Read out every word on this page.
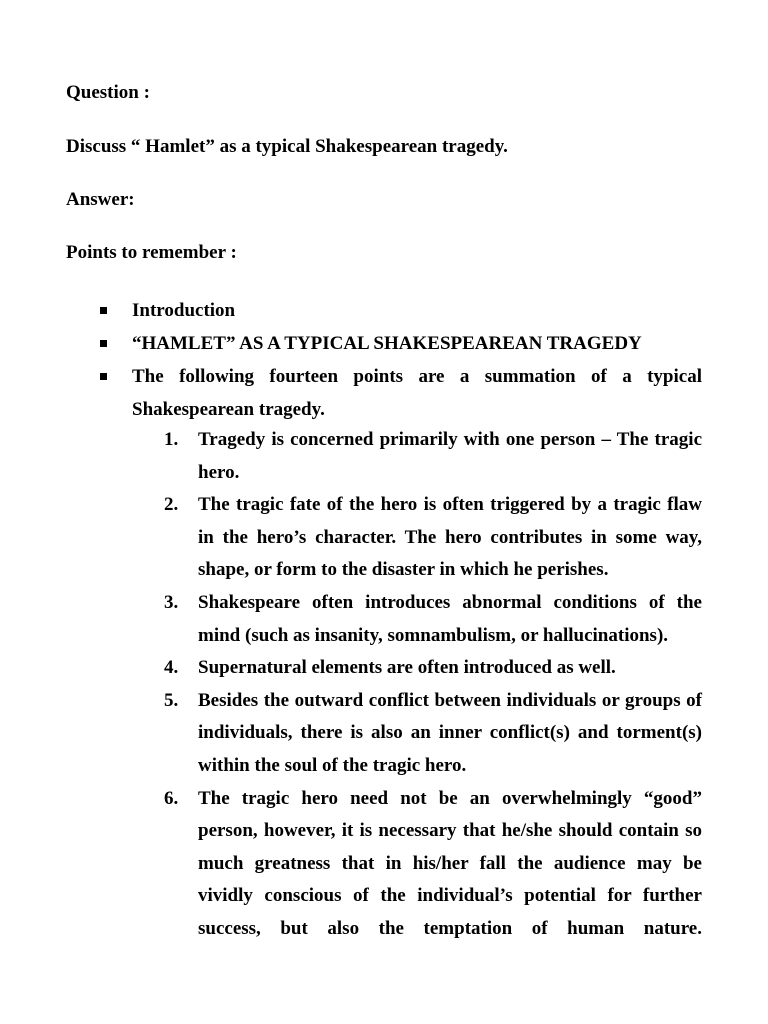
Question :
Discuss “ Hamlet” as a typical Shakespearean tragedy.
Answer:
Points to remember :
Introduction
“HAMLET” AS A TYPICAL SHAKESPEAREAN TRAGEDY
The following fourteen points are a summation of a typical Shakespearean tragedy.
1. Tragedy is concerned primarily with one person – The tragic hero.
2. The tragic fate of the hero is often triggered by a tragic flaw in the hero’s character. The hero contributes in some way, shape, or form to the disaster in which he perishes.
3. Shakespeare often introduces abnormal conditions of the mind (such as insanity, somnambulism, or hallucinations).
4. Supernatural elements are often introduced as well.
5. Besides the outward conflict between individuals or groups of individuals, there is also an inner conflict(s) and torment(s) within the soul of the tragic hero.
6. The tragic hero need not be an overwhelmingly “good” person, however, it is necessary that he/she should contain so much greatness that in his/her fall the audience may be vividly conscious of the individual’s potential for further success, but also the temptation of human nature.
